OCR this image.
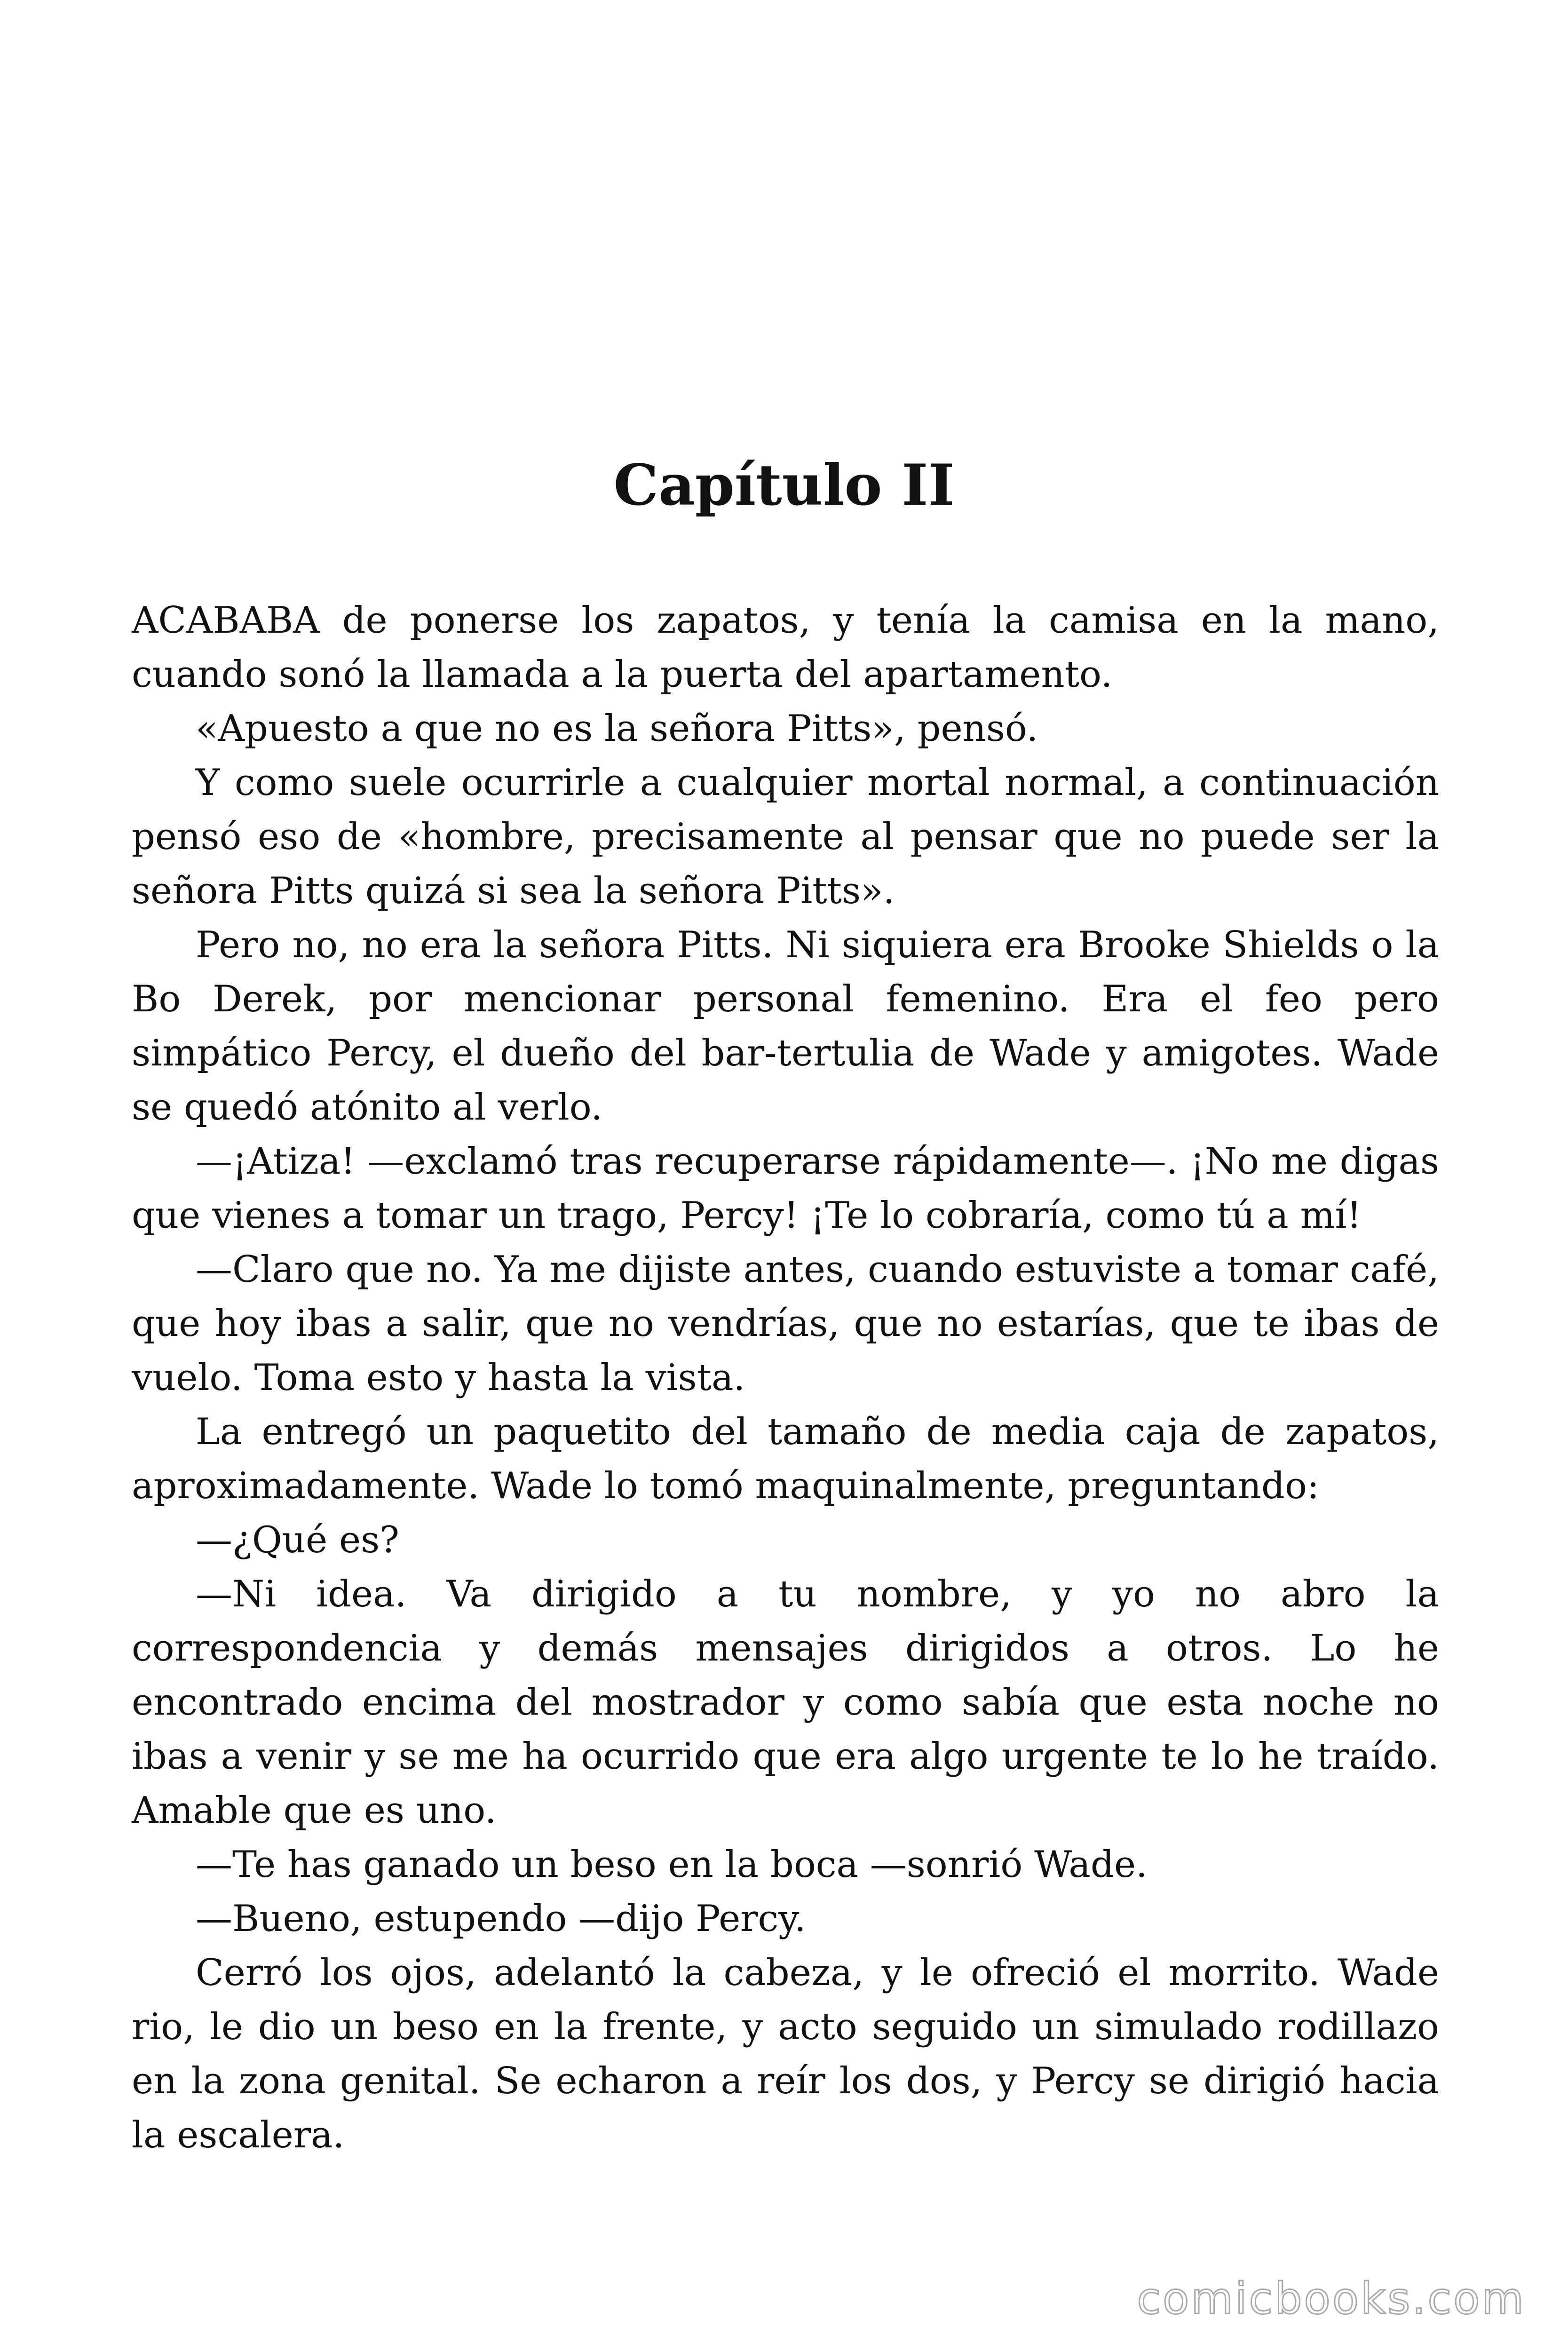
Capítulo II

ACABABA de ponerse los zapatos, y tenía la camisa en la mano, cuando sonó la llamada a la puerta del apartamento.

«Apuesto a que no es la señora Pitts», pensó.

Y como suele ocurrirle a cualquier mortal normal, a continuación pensó eso de «hombre, precisamente al pensar que no puede ser la señora Pitts quizá si sea la señora Pitts».

Pero no, no era la señora Pitts. Ni siquiera era Brooke Shields o la Bo Derek, por mencionar personal femenino. Era el feo pero simpático Percy, el dueño del bar-tertulia de Wade y amigotes. Wade se quedó atónito al verlo.

—¡Atiza! —exclamó tras recuperarse rápidamente—. ¡No me digas que vienes a tomar un trago, Percy! ¡Te lo cobraría, como tú a mí!

—Claro que no. Ya me dijiste antes, cuando estuviste a tomar café, que hoy ibas a salir, que no vendrías, que no estarías, que te ibas de vuelo. Toma esto y hasta la vista.

La entregó un paquetito del tamaño de media caja de zapatos, aproximadamente. Wade lo tomó maquinalmente, preguntando:

—¿Qué es?

—Ni idea. Va dirigido a tu nombre, y yo no abro la correspondencia y demás mensajes dirigidos a otros. Lo he encontrado encima del mostrador y como sabía que esta noche no ibas a venir y se me ha ocurrido que era algo urgente te lo he traído. Amable que es uno.

—Te has ganado un beso en la boca —sonrió Wade.

—Bueno, estupendo —dijo Percy.

Cerró los ojos, adelantó la cabeza, y le ofreció el morrito. Wade rio, le dio un beso en la frente, y acto seguido un simulado rodillazo en la zona genital. Se echaron a reír los dos, y Percy se dirigió hacia la escalera.

comicbooks.com
